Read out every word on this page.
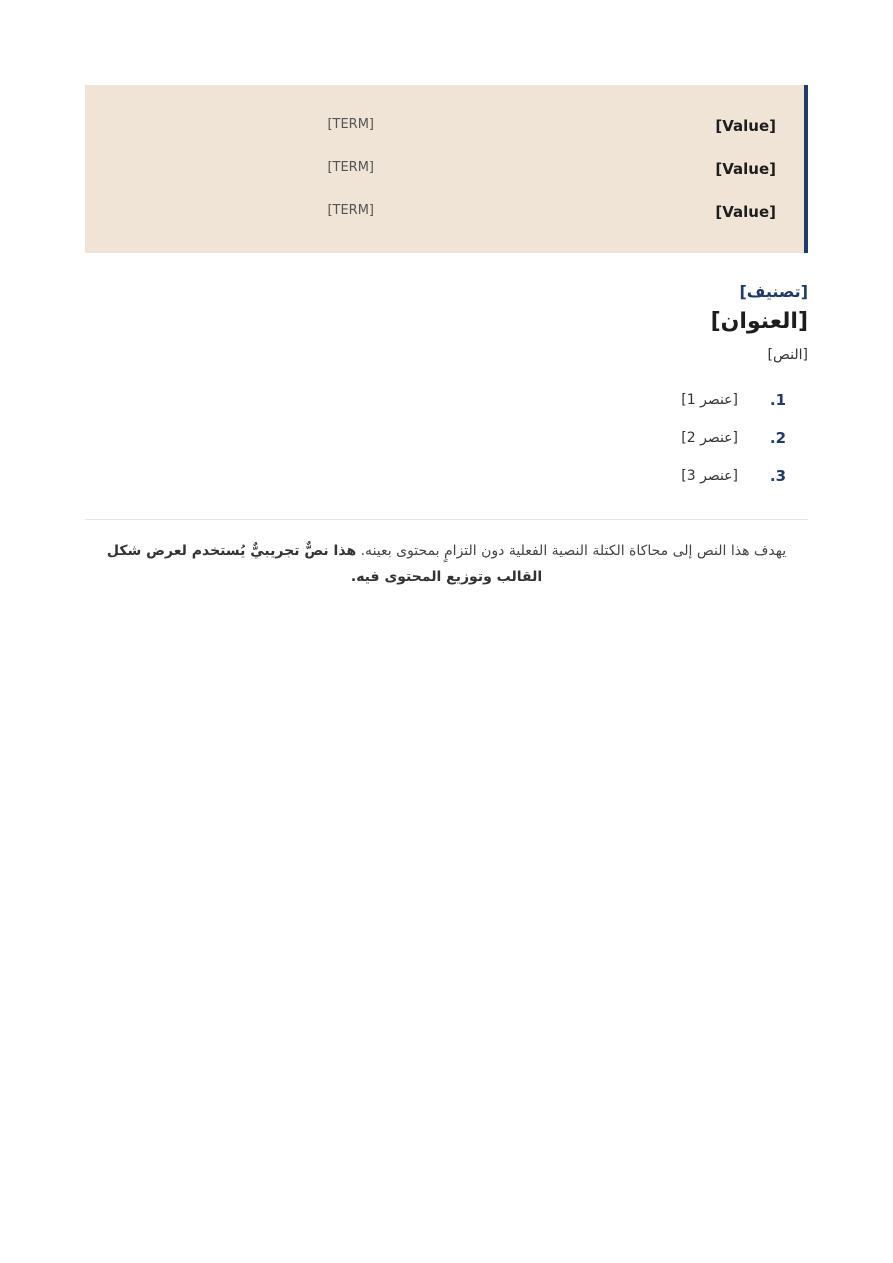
[Value]
[TERM]
[Value]
[TERM]
[Value]
[TERM]
[تصنيف]
[العنوان]
[النص]
1.
[عنصر 1]
2.
[عنصر 2]
3.
[عنصر 3]

يهدف هذا النص إلى محاكاة الكتلة النصية الفعلية دون التزامٍ بمحتوى بعينه. هذا نصٌّ تجريبيٌّ يُستخدم لعرض شكل القالب وتوزيع المحتوى فيه.
